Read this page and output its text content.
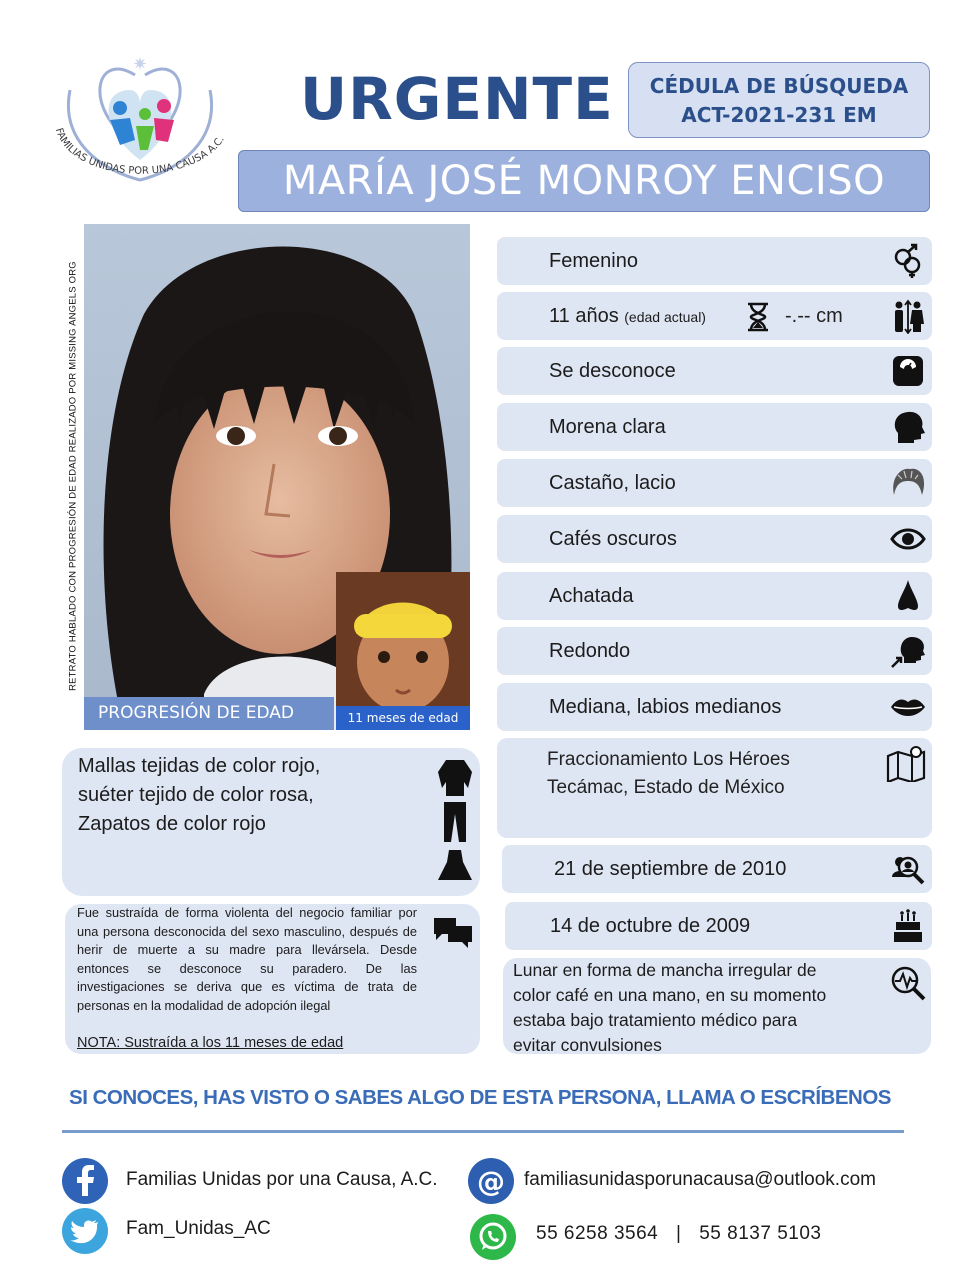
✷
FAMILIAS UNIDAS POR UNA CAUSA A.C.
URGENTE	CÉDULA DE BÚSQUEDA
ACT-2021-231 EM
MARÍA JOSÉ MONROY ENCISO
RETRATO HABLADO CON PROGRESIÓN DE EDAD REALIZADO POR MISSING ANGELS ORG
PROGRESIÓN DE EDAD	11 meses de edad
Femenino
11 años (edad actual)	-.-- cm
Se desconoce
Morena clara
Castaño, lacio
Cafés oscuros
Achatada
Redondo
Mediana, labios medianos
Fraccionamiento Los Héroes
Tecámac, Estado de México
21 de septiembre de 2010
14 de octubre de 2009
Lunar en forma de mancha irregular de
color café en una mano, en su momento
estaba bajo tratamiento médico para
evitar convulsiones
Mallas tejidas de color rojo,
suéter tejido de color rosa,
Zapatos de color rojo
Fue sustraída de forma violenta del negocio familiar por una persona desconocida del sexo masculino, después de herir de muerte a su madre para llevársela. Desde entonces se desconoce su paradero. De las investigaciones se deriva que es víctima de trata de personas en la modalidad de adopción ilegal
NOTA: Sustraída a los 11 meses de edad
SI CONOCES, HAS VISTO O SABES ALGO DE ESTA PERSONA, LLAMA O ESCRÍBENOS
Familias Unidas por una Causa, A.C.
Fam_Unidas_AC
@ familiasunidasporunacausa@outlook.com
55 6258 3564 | 55 8137 5103
